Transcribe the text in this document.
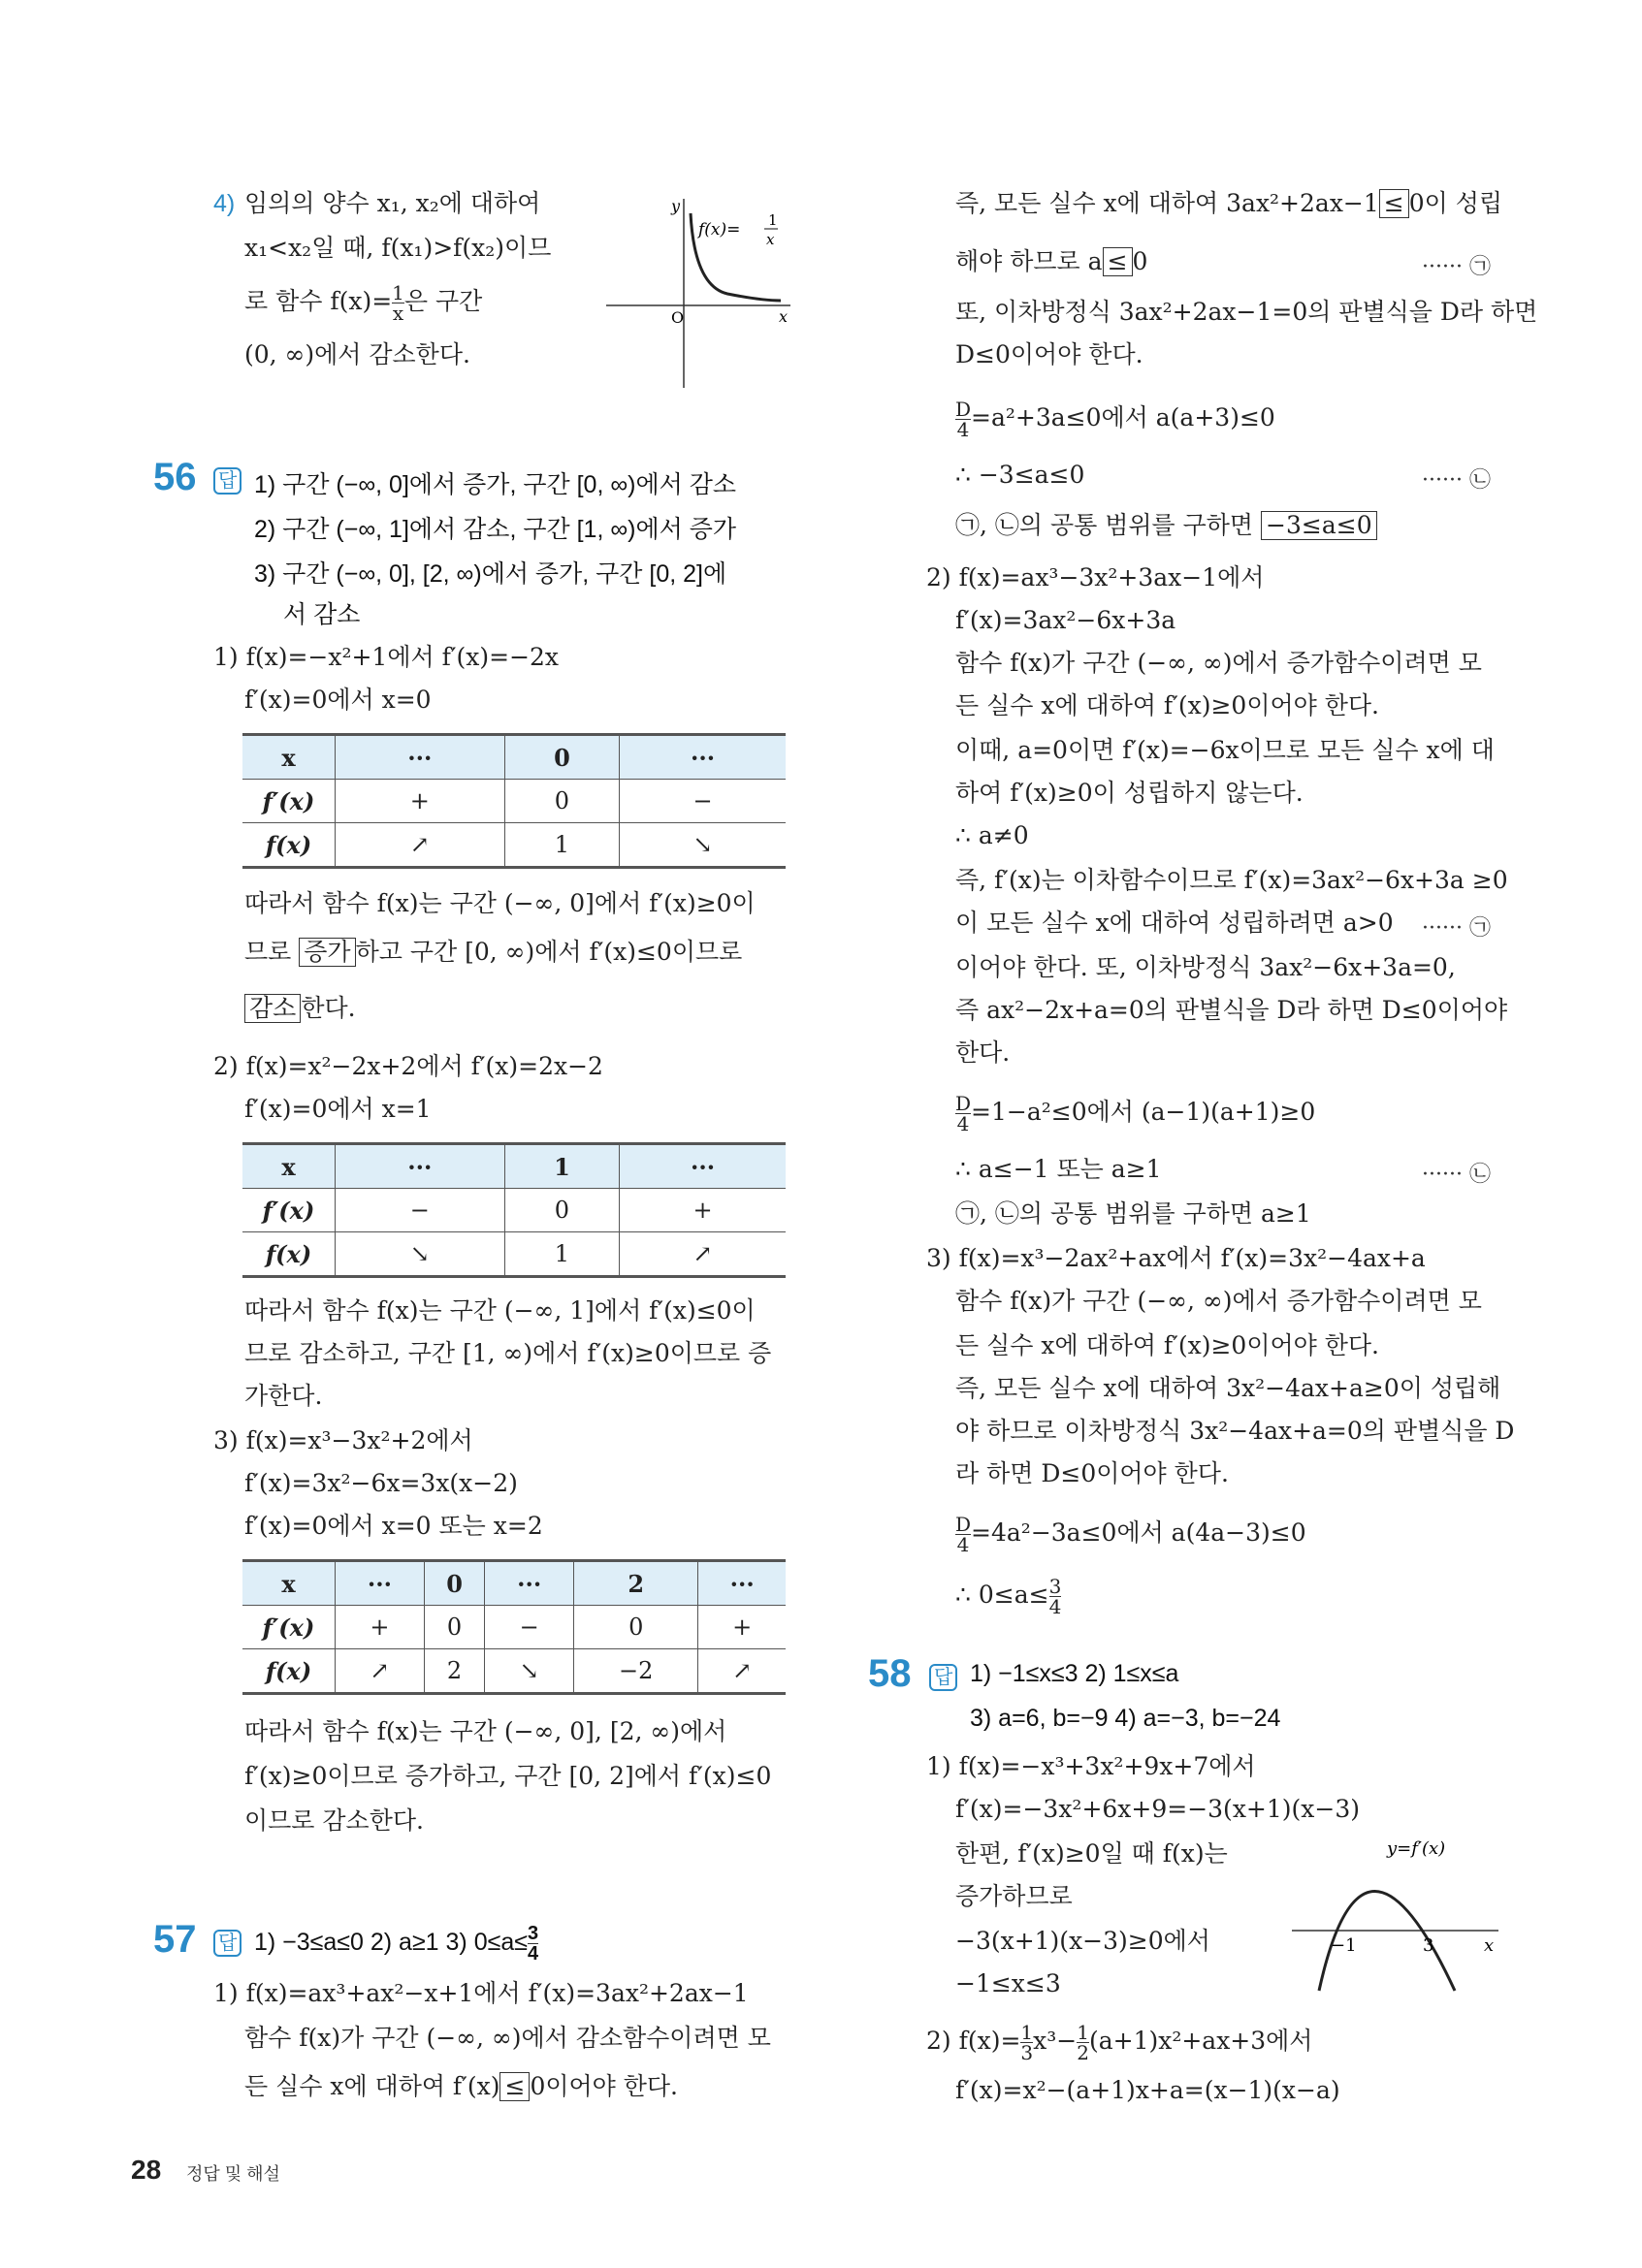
4) 임의의 양수 x₁, x₂에 대하여
x₁<x₂일 때, f(x₁)>f(x₂)이므
로 함수 $f(x)= \frac{1}{x}$ 은 구간
(0, ∞)에서 감소한다.
y
x
O
f(x)= 1
x
56 답 1) 구간 (−∞, 0]에서 증가, 구간 [0, ∞)에서 감소
2) 구간 (−∞, 1]에서 감소, 구간 [1, ∞)에서 증가
3) 구간 (−∞, 0], [2, ∞)에서 증가, 구간 [0, 2]에
서 감소
1) f(x)=−x²+1에서 f′(x)=−2x
f′(x)=0에서 x=0
x	···	0	···
f′(x)	+	0	−
f(x)	↗	1	↘
따라서 함수 f(x)는 구간 (−∞, 0]에서 f′(x)≥0이
므로 증가 하고 구간 [0, ∞)에서 f′(x)≤0이므로
감소 한다.
2) f(x)=x²−2x+2에서 f′(x)=2x−2
f′(x)=0에서 x=1
x	···	1	···
f′(x)	−	0	+
f(x)	↘	1	↗
따라서 함수 f(x)는 구간 (−∞, 1]에서 f′(x)≤0이
므로 감소하고, 구간 [1, ∞)에서 f′(x)≥0이므로 증
가한다.
3) f(x)=x³−3x²+2에서
f′(x)=3x²−6x=3x(x−2)
f′(x)=0에서 x=0 또는 x=2
x	···	0	···	2	···
f′(x)	+	0	−	0	+
f(x)	↗	2	↘	−2	↗
따라서 함수 f(x)는 구간 (−∞, 0], [2, ∞)에서
f′(x)≥0이므로 증가하고, 구간 [0, 2]에서 f′(x)≤0
이므로 감소한다.
57 답 1) −3≤a≤0 2) a≥1 3) $0\le a\le \frac{3}{4}$
1) f(x)=ax³+ax²−x+1에서 f′(x)=3ax²+2ax−1
함수 f(x)가 구간 (−∞, ∞)에서 감소함수이려면 모
든 실수 x에 대하여 f′(x) ≤ 0이어야 한다.
즉, 모든 실수 x에 대하여 3ax²+2ax−1 ≤ 0이 성립
해야 하므로 a ≤ 0	······ ㉠
또, 이차방정식 3ax²+2ax−1=0의 판별식을 D라 하면
D≤0이어야 한다.
$\frac{D}{4} =a^2+3a\le 0$에서 a(a+3)≤0
∴ −3≤a≤0	······ ㉡
㉠, ㉡의 공통 범위를 구하면 −3≤a≤0
2) f(x)=ax³−3x²+3ax−1에서
f′(x)=3ax²−6x+3a
함수 f(x)가 구간 (−∞, ∞)에서 증가함수이려면 모
든 실수 x에 대하여 f′(x)≥0이어야 한다.
이때, a=0이면 f′(x)=−6x이므로 모든 실수 x에 대
하여 f′(x)≥0이 성립하지 않는다.
∴ a≠0
즉, f′(x)는 이차함수이므로 f′(x)=3ax²−6x+3a ≥0
이 모든 실수 x에 대하여 성립하려면 a>0 ······ ㉠
이어야 한다. 또, 이차방정식 3ax²−6x+3a=0,
즉 ax²−2x+a=0의 판별식을 D라 하면 D≤0이어야
한다.
$\frac{D}{4} =1-a^2\le 0$에서 (a−1)(a+1)≥0
∴ a≤−1 또는 a≥1	······ ㉡
㉠, ㉡의 공통 범위를 구하면 a≥1
3) f(x)=x³−2ax²+ax에서 f′(x)=3x²−4ax+a
함수 f(x)가 구간 (−∞, ∞)에서 증가함수이려면 모
든 실수 x에 대하여 f′(x)≥0이어야 한다.
즉, 모든 실수 x에 대하여 3x²−4ax+a≥0이 성립해
야 하므로 이차방정식 3x²−4ax+a=0의 판별식을 D
라 하면 D≤0이어야 한다.
$\frac{D}{4} =4a^2-3a\le 0$에서 a(4a−3)≤0
∴ $0\le a\le \frac{3}{4}$
58 답 1) −1≤x≤3 2) 1≤x≤a
3) a=6, b=−9 4) a=−3, b=−24
1) f(x)=−x³+3x²+9x+7에서
f′(x)=−3x²+6x+9=−3(x+1)(x−3)
한편, f′(x)≥0일 때 f(x)는
증가하므로
−3(x+1)(x−3)≥0에서
−1≤x≤3
y=f′(x)
−1	3	x
2) $f(x)= \frac{1}{3} x^3- \frac{1}{2} (a+1)x^2+ax+3$에서
f′(x)=x²−(a+1)x+a=(x−1)(x−a)
28 정답 및 해설
